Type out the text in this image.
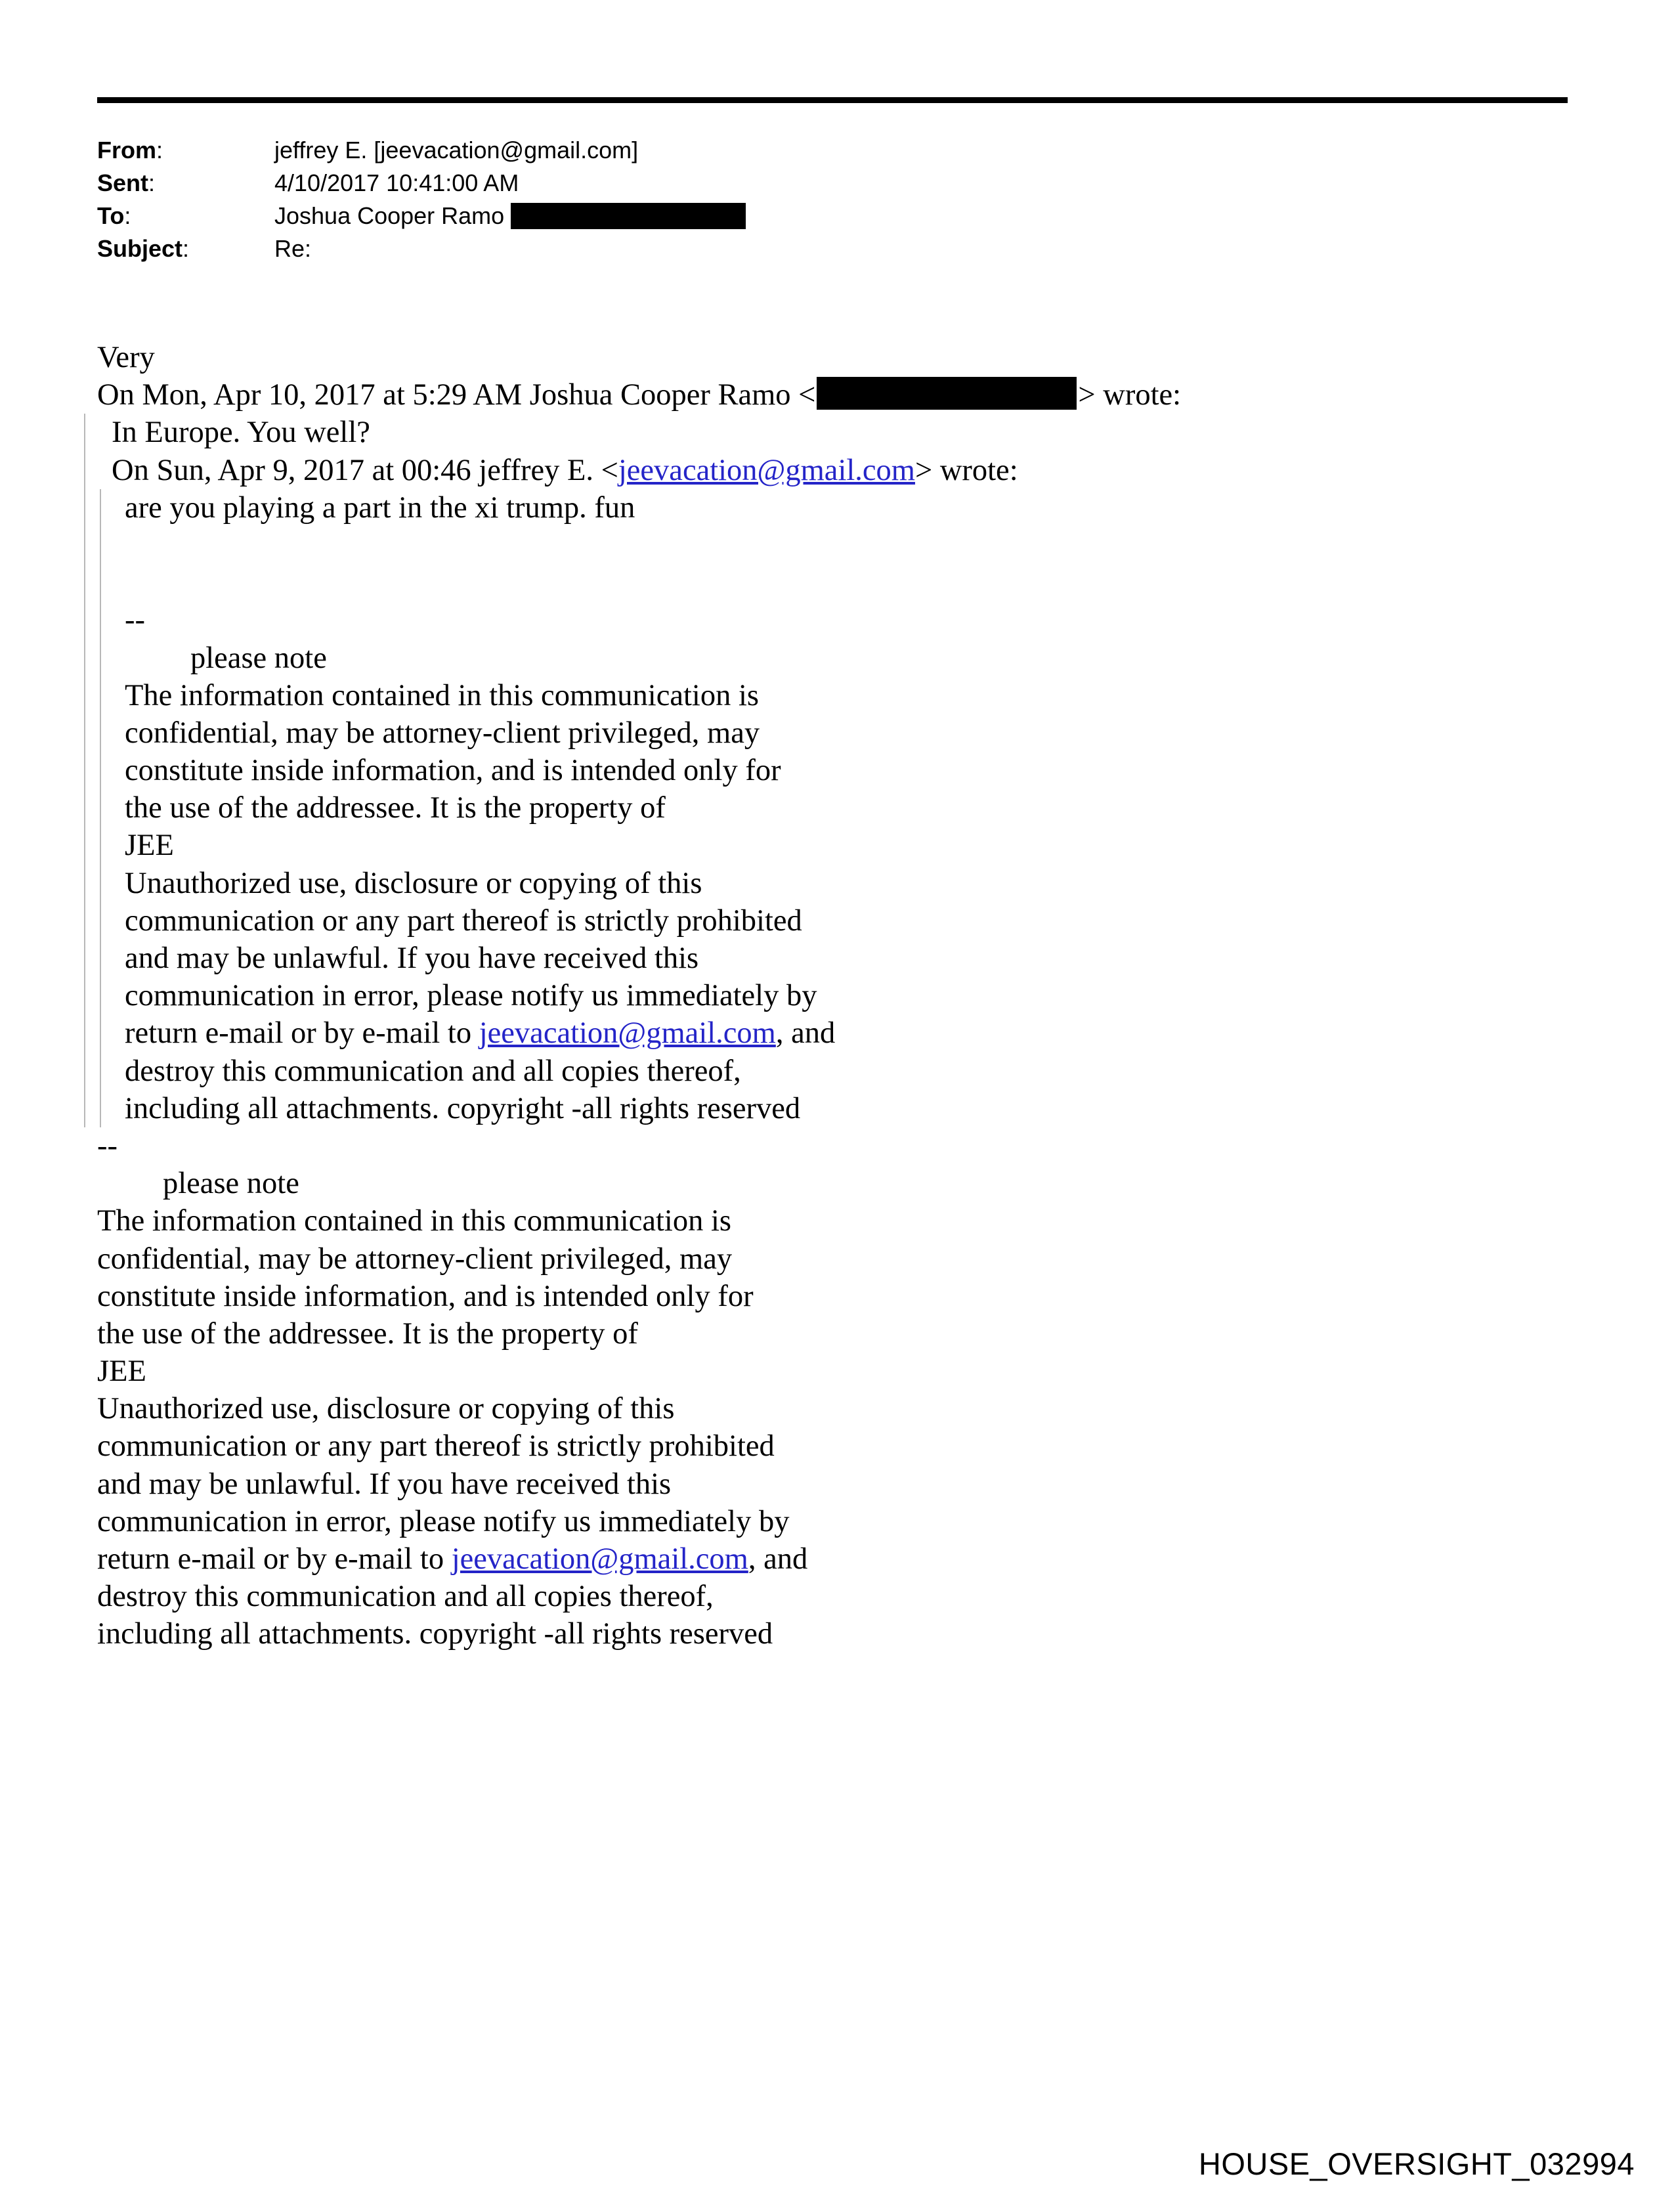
From:	jeffrey E. [jeevacation@gmail.com]
Sent:	4/10/2017 10:41:00 AM
To:	Joshua Cooper Ramo
Subject:	Re:
Very
On Mon, Apr 10, 2017 at 5:29 AM Joshua Cooper Ramo <	> wrote:
In Europe. You well?
On Sun, Apr 9, 2017 at 00:46 jeffrey E. <jeevacation@gmail.com> wrote:
are you playing a part in the xi trump. fun
--
please note
The information contained in this communication is
confidential, may be attorney-client privileged, may
constitute inside information, and is intended only for
the use of the addressee. It is the property of
JEE
Unauthorized use, disclosure or copying of this
communication or any part thereof is strictly prohibited
and may be unlawful. If you have received this
communication in error, please notify us immediately by
return e-mail or by e-mail to jeevacation@gmail.com, and
destroy this communication and all copies thereof,
including all attachments. copyright -all rights reserved
--
please note
The information contained in this communication is
confidential, may be attorney-client privileged, may
constitute inside information, and is intended only for
the use of the addressee. It is the property of
JEE
Unauthorized use, disclosure or copying of this
communication or any part thereof is strictly prohibited
and may be unlawful. If you have received this
communication in error, please notify us immediately by
return e-mail or by e-mail to jeevacation@gmail.com, and
destroy this communication and all copies thereof,
including all attachments. copyright -all rights reserved
HOUSE_OVERSIGHT_032994
